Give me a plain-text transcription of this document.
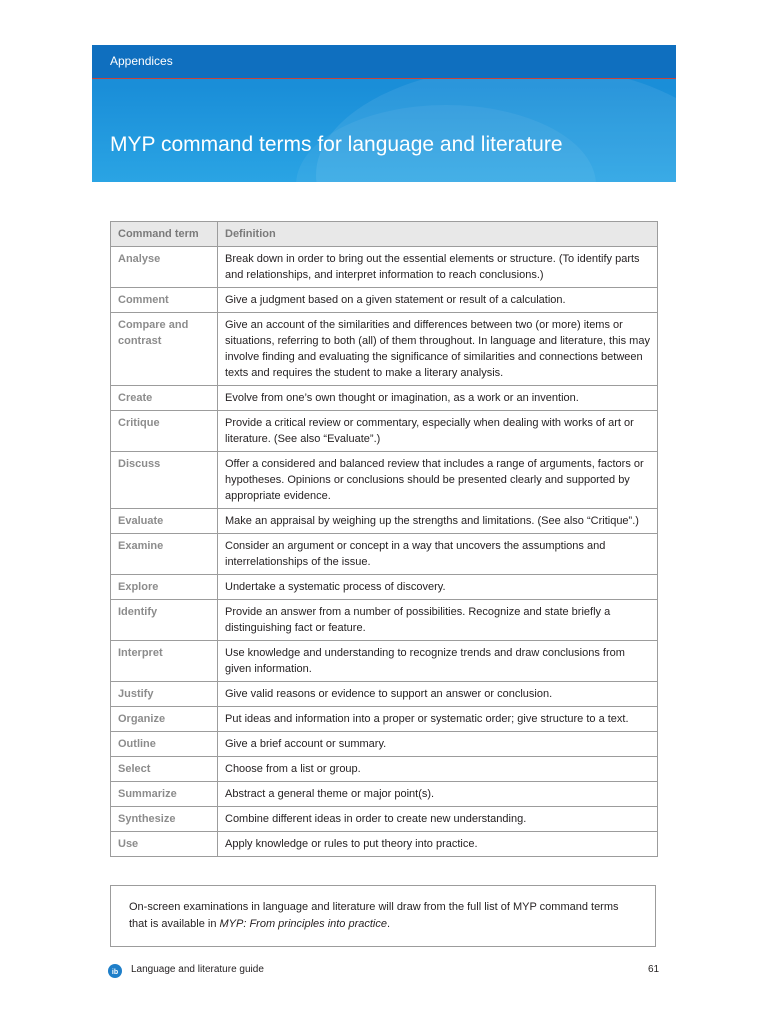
Appendices
MYP command terms for language and literature
Command term	Definition
Analyse	Break down in order to bring out the essential elements or structure. (To identify parts and relationships, and interpret information to reach conclusions.)
Comment	Give a judgment based on a given statement or result of a calculation.
Compare and contrast	Give an account of the similarities and differences between two (or more) items or situations, referring to both (all) of them throughout. In language and literature, this may involve finding and evaluating the significance of similarities and connections between texts and requires the student to make a literary analysis.
Create	Evolve from one’s own thought or imagination, as a work or an invention.
Critique	Provide a critical review or commentary, especially when dealing with works of art or literature. (See also “Evaluate”.)
Discuss	Offer a considered and balanced review that includes a range of arguments, factors or hypotheses. Opinions or conclusions should be presented clearly and supported by appropriate evidence.
Evaluate	Make an appraisal by weighing up the strengths and limitations. (See also “Critique”.)
Examine	Consider an argument or concept in a way that uncovers the assumptions and interrelationships of the issue.
Explore	Undertake a systematic process of discovery.
Identify	Provide an answer from a number of possibilities. Recognize and state briefly a distinguishing fact or feature.
Interpret	Use knowledge and understanding to recognize trends and draw conclusions from given information.
Justify	Give valid reasons or evidence to support an answer or conclusion.
Organize	Put ideas and information into a proper or systematic order; give structure to a text.
Outline	Give a brief account or summary.
Select	Choose from a list or group.
Summarize	Abstract a general theme or major point(s).
Synthesize	Combine different ideas in order to create new understanding.
Use	Apply knowledge or rules to put theory into practice.
On-screen examinations in language and literature will draw from the full list of MYP command terms that is available in MYP: From principles into practice.
ib Language and literature guide	61
